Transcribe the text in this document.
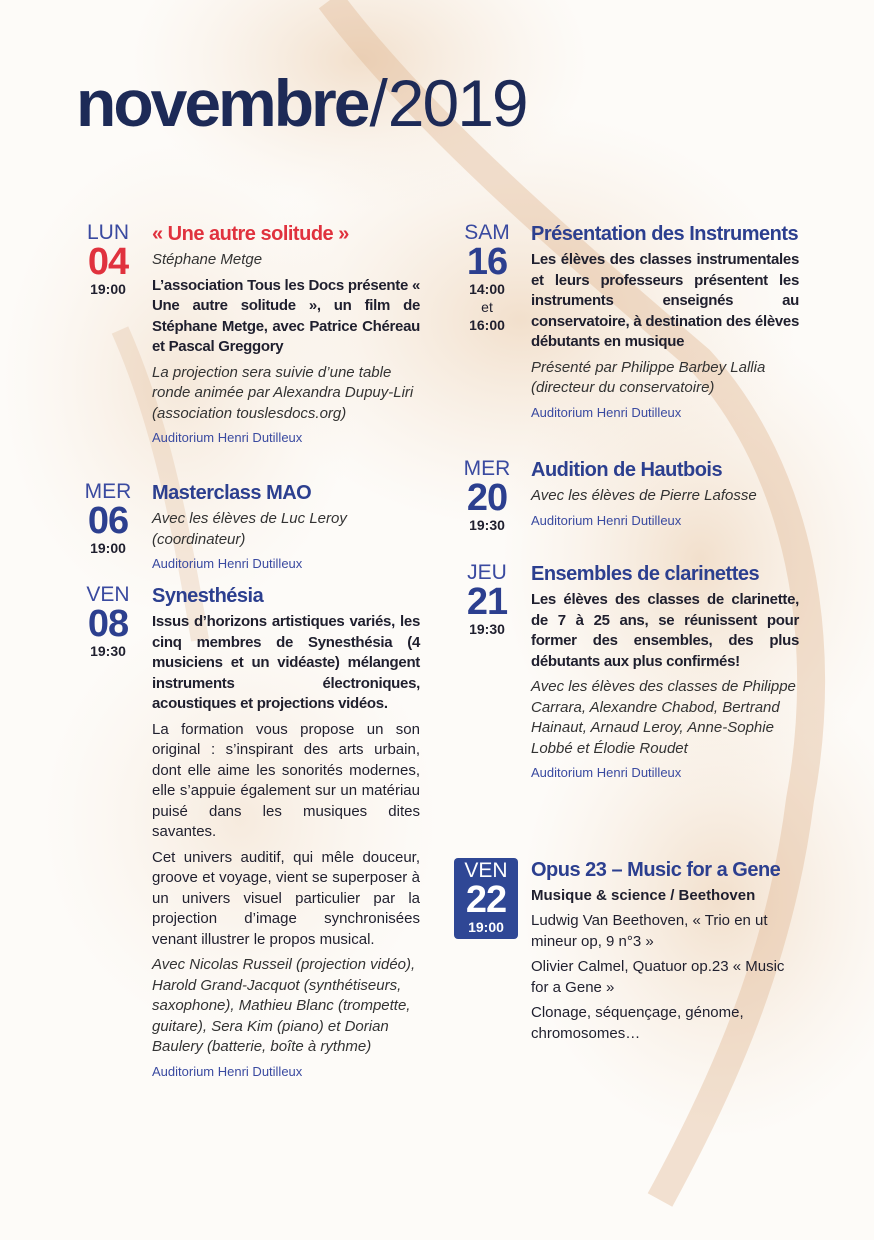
novembre/2019
LUN
04
19:00
« Une autre solitude »
Stéphane Metge
L’association Tous les Docs présente « Une autre solitude », un film de Stéphane Metge, avec Patrice Chéreau et Pascal Greggory
La projection sera suivie d’une table ronde animée par Alexandra Dupuy-Liri (association touslesdocs.org)
Auditorium Henri Dutilleux
MER
06
19:00
Masterclass MAO
Avec les élèves de Luc Leroy (coordinateur)
Auditorium Henri Dutilleux
VEN
08
19:30
Synesthésia
Issus d’horizons artistiques variés, les cinq membres de Synesthésia (4 musiciens et un vidéaste) mélangent instruments électroniques, acoustiques et projections vidéos.
La formation vous propose un son original : s’inspirant des arts urbain, dont elle aime les sonorités modernes, elle s’appuie également sur un matériau puisé dans les musiques dites savantes.
Cet univers auditif, qui mêle douceur, groove et voyage, vient se superposer à un univers visuel particulier par la projection d’image synchronisées venant illustrer le propos musical.
Avec Nicolas Russeil (projection vidéo), Harold Grand-Jacquot (synthétiseurs, saxophone), Mathieu Blanc (trompette, guitare), Sera Kim (piano) et Dorian Baulery (batterie, boîte à rythme)
Auditorium Henri Dutilleux
SAM
16
14:00
et
16:00
Présentation des Instruments
Les élèves des classes instrumentales et leurs professeurs présentent les instruments enseignés au conservatoire, à destination des élèves débutants en musique
Présenté par Philippe Barbey Lallia (directeur du conservatoire)
Auditorium Henri Dutilleux
MER
20
19:30
Audition de Hautbois
Avec les élèves de Pierre Lafosse
Auditorium Henri Dutilleux
JEU
21
19:30
Ensembles de clarinettes
Les élèves des classes de clarinette, de 7 à 25 ans, se réunissent pour former des ensembles, des plus débutants aux plus confirmés!
Avec les élèves des classes de Philippe Carrara, Alexandre Chabod, Bertrand Hainaut, Arnaud Leroy, Anne-Sophie Lobbé et Élodie Roudet
Auditorium Henri Dutilleux
VEN
22
19:00
Opus 23 – Music for a Gene
Musique & science / Beethoven
Ludwig Van Beethoven, « Trio en ut mineur op, 9 n°3 »
Olivier Calmel, Quatuor op.23 « Music for a Gene »
Clonage, séquençage, génome, chromosomes…
